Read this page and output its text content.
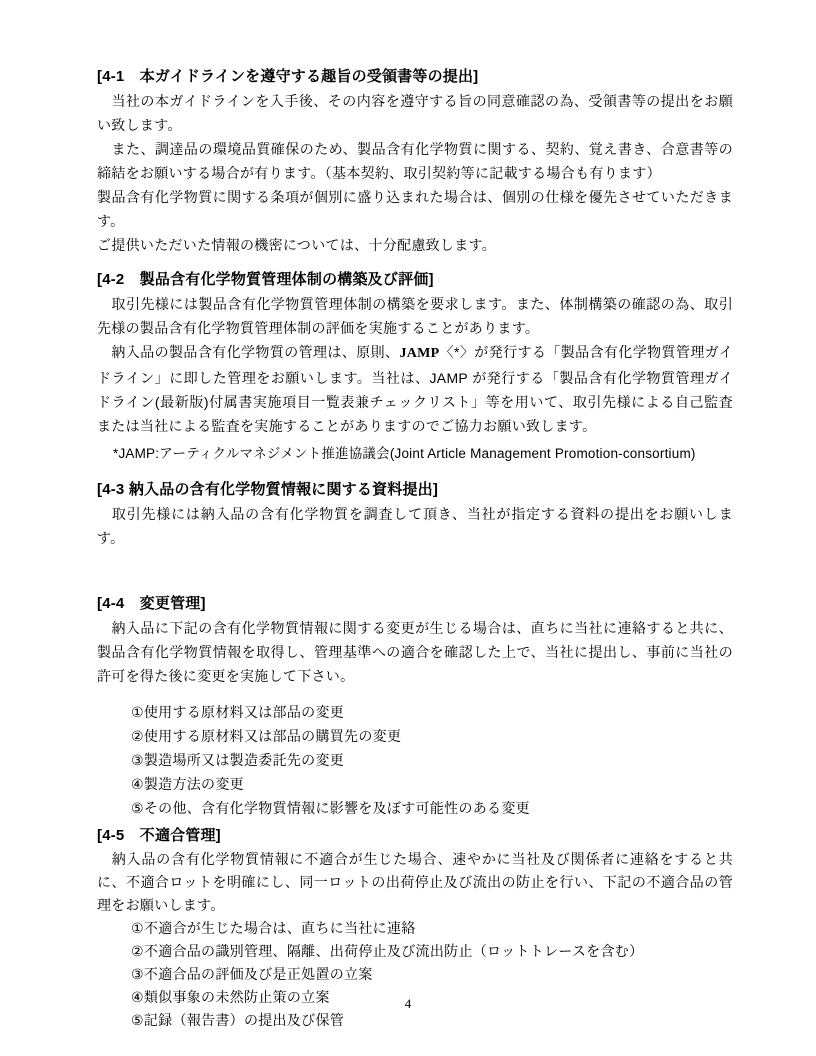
[4-1　本ガイドラインを遵守する趣旨の受領書等の提出]

　当社の本ガイドラインを入手後、その内容を遵守する旨の同意確認の為、受領書等の提出をお願い致します。

　また、調達品の環境品質確保のため、製品含有化学物質に関する、契約、覚え書き、合意書等の締結をお願いする場合が有ります。（基本契約、取引契約等に記載する場合も有ります）

製品含有化学物質に関する条項が個別に盛り込まれた場合は、個別の仕様を優先させていただきます。

ご提供いただいた情報の機密については、十分配慮致します。

[4-2　製品含有化学物質管理体制の構築及び評価]

　取引先様には製品含有化学物質管理体制の構築を要求します。また、体制構築の確認の為、取引先様の製品含有化学物質管理体制の評価を実施することがあります。

　納入品の製品含有化学物質の管理は、原則、JAMP〈*〉が発行する「製品含有化学物質管理ガイドライン」に即した管理をお願いします。当社は、JAMP が発行する「製品含有化学物質管理ガイドライン(最新版)付属書実施項目一覧表兼チェックリスト」等を用いて、取引先様による自己監査または当社による監査を実施することがありますのでご協力お願い致します。

*JAMP:アーティクルマネジメント推進協議会(Joint Article Management Promotion-consortium)

[4-3 納入品の含有化学物質情報に関する資料提出]

　取引先様には納入品の含有化学物質を調査して頂き、当社が指定する資料の提出をお願いします。

[4-4　変更管理]

　納入品に下記の含有化学物質情報に関する変更が生じる場合は、直ちに当社に連絡すると共に、製品含有化学物質情報を取得し、管理基準への適合を確認した上で、当社に提出し、事前に当社の許可を得た後に変更を実施して下さい。

①使用する原材料又は部品の変更
②使用する原材料又は部品の購買先の変更
③製造場所又は製造委託先の変更
④製造方法の変更
⑤その他、含有化学物質情報に影響を及ぼす可能性のある変更
[4-5　不適合管理]

　納入品の含有化学物質情報に不適合が生じた場合、速やかに当社及び関係者に連絡をすると共に、不適合ロットを明確にし、同一ロットの出荷停止及び流出の防止を行い、下記の不適合品の管理をお願いします。

①不適合が生じた場合は、直ちに当社に連絡
②不適合品の識別管理、隔離、出荷停止及び流出防止（ロットトレースを含む）
③不適合品の評価及び是正処置の立案
④類似事象の未然防止策の立案
⑤記録（報告書）の提出及び保管
4
